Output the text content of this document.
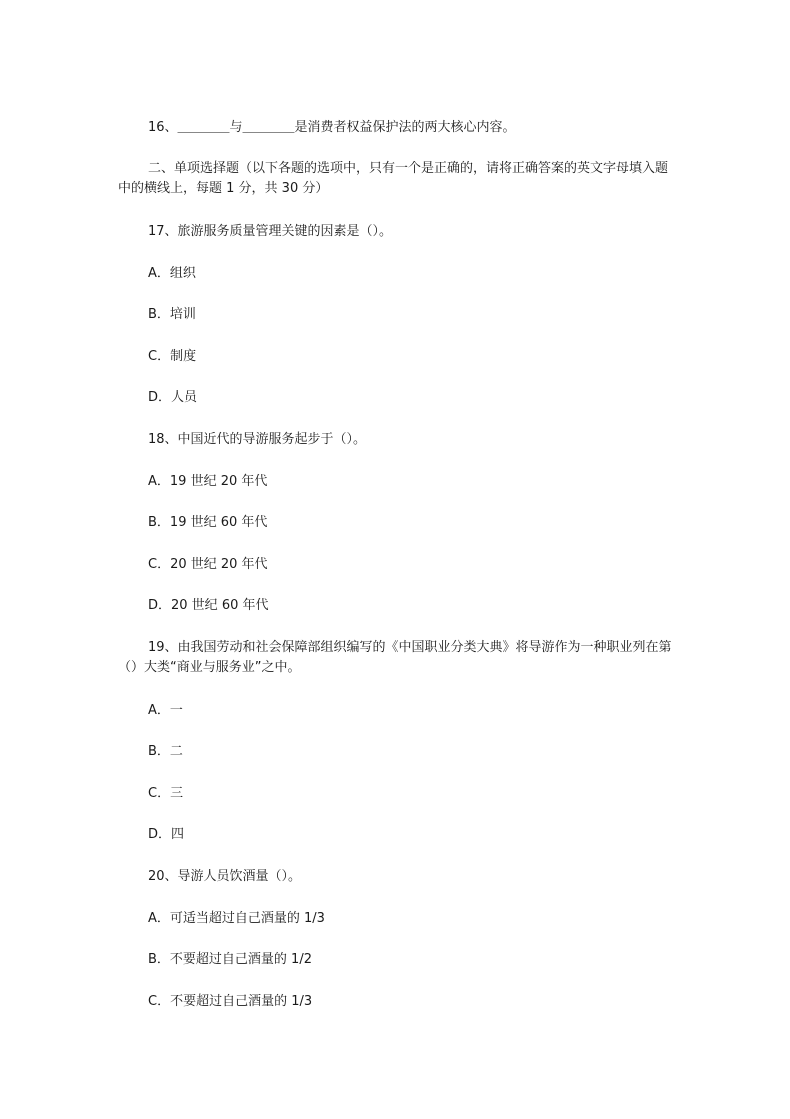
16、＿＿＿＿与＿＿＿＿是消费者权益保护法的两大核心内容。
二、单项选择题（以下各题的选项中，只有一个是正确的，请将正确答案的英文字母填入题中的横线上，每题 1 分，共 30 分）
17、旅游服务质量管理关键的因素是（）。
A．组织
B．培训
C．制度
D．人员
18、中国近代的导游服务起步于（）。
A．19 世纪 20 年代
B．19 世纪 60 年代
C．20 世纪 20 年代
D．20 世纪 60 年代
19、由我国劳动和社会保障部组织编写的《中国职业分类大典》将导游作为一种职业列在第（）大类“商业与服务业”之中。
A．一
B．二
C．三
D．四
20、导游人员饮酒量（）。
A．可适当超过自己酒量的 1/3
B．不要超过自己酒量的 1/2
C．不要超过自己酒量的 1/3
